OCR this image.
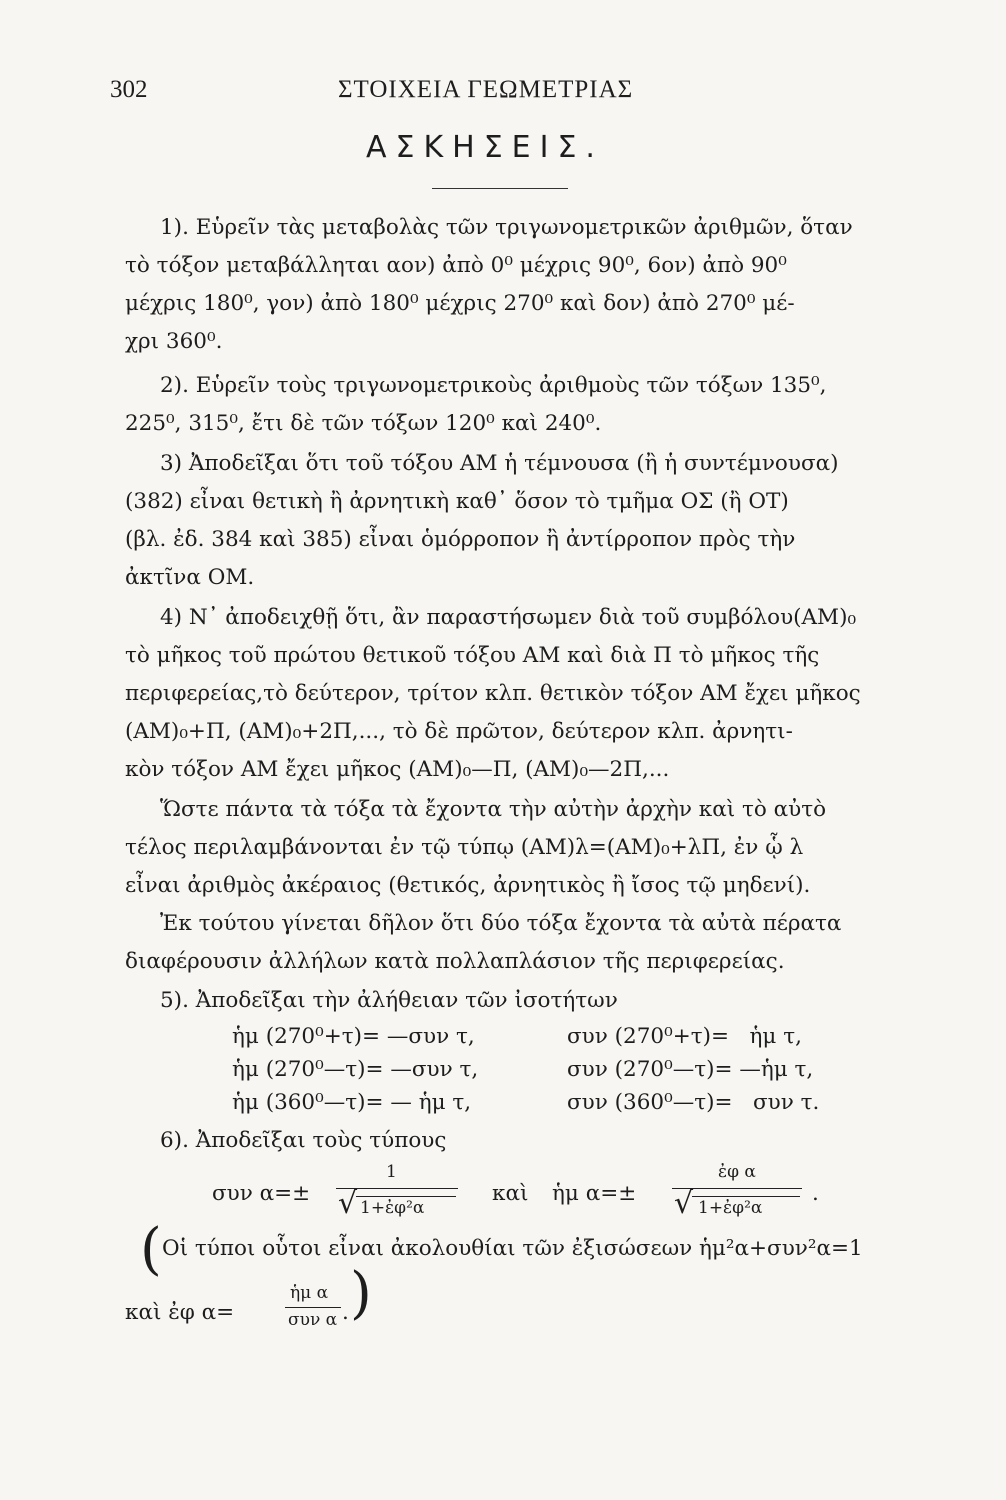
302	ΣΤΟΙΧΕΙΑ ΓΕΩΜΕΤΡΙΑΣ
ΑΣΚΗΣΕΙΣ.
1). Εὑρεῖν τὰς μεταβολὰς τῶν τριγωνομετρικῶν ἀριθμῶν, ὅταν
τὸ τόξον μεταβάλληται αον) ἀπὸ 0⁰ μέχρις 90⁰, 6ον) ἀπὸ 90⁰
μέχρις 180⁰, γον) ἀπὸ 180⁰ μέχρις 270⁰ καὶ δον) ἀπὸ 270⁰ μέ-
χρι 360⁰.
2). Εὑρεῖν τοὺς τριγωνομετρικοὺς ἀριθμοὺς τῶν τόξων 135⁰,
225⁰, 315⁰, ἔτι δὲ τῶν τόξων 120⁰ καὶ 240⁰.
3) Ἀποδεῖξαι ὅτι τοῦ τόξου ΑΜ ἡ τέμνουσα (ἢ ἡ συντέμνουσα)
(382) εἶναι θετικὴ ἢ ἀρνητικὴ καθ᾽ ὅσον τὸ τμῆμα ΟΣ (ἢ ΟΤ)
(βλ. ἐδ. 384 καὶ 385) εἶναι ὁμόρροπον ἢ ἀντίρροπον πρὸς τὴν
ἀκτῖνα ΟΜ.
4) Ν᾽ ἀποδειχθῇ ὅτι, ἂν παραστήσωμεν διὰ τοῦ συμβόλου(ΑΜ)₀
τὸ μῆκος τοῦ πρώτου θετικοῦ τόξου ΑΜ καὶ διὰ Π τὸ μῆκος τῆς
περιφερείας,τὸ δεύτερον, τρίτον κλπ. θετικὸν τόξον ΑΜ ἔχει μῆκος
(ΑΜ)₀+Π, (ΑΜ)₀+2Π,..., τὸ δὲ πρῶτον, δεύτερον κλπ. ἀρνητι-
κὸν τόξον ΑΜ ἔχει μῆκος (ΑΜ)₀—Π, (ΑΜ)₀—2Π,...
Ὥστε πάντα τὰ τόξα τὰ ἔχοντα τὴν αὐτὴν ἀρχὴν καὶ τὸ αὐτὸ
τέλος περιλαμβάνονται ἐν τῷ τύπῳ (ΑΜ)λ=(ΑΜ)₀+λΠ, ἐν ᾧ λ
εἶναι ἀριθμὸς ἀκέραιος (θετικός, ἀρνητικὸς ἢ ἴσος τῷ μηδενί).
Ἐκ τούτου γίνεται δῆλον ὅτι δύο τόξα ἔχοντα τὰ αὐτὰ πέρατα
διαφέρουσιν ἀλλήλων κατὰ πολλαπλάσιον τῆς περιφερείας.
5). Ἀποδεῖξαι τὴν ἀλήθειαν τῶν ἰσοτήτων
ἡμ (270⁰+τ)= —συν τ,
ἡμ (270⁰—τ)= —συν τ,
ἡμ (360⁰—τ)= — ἡμ τ,
συν (270⁰+τ)=   ἡμ τ,
συν (270⁰—τ)= —ἡμ τ,
συν (360⁰—τ)=   συν τ.
6). Ἀποδεῖξαι τοὺς τύπους
συν α=±
1
√ 1+ἐφ²α
καὶ ἡμ α=±
ἐφ α
√ 1+ἐφ²α
.
( Οἱ τύποι οὗτοι εἶναι ἀκολουθίαι τῶν ἐξισώσεων ἡμ²α+συν²α=1
καὶ ἐφ α=
ἡμ α
συν α . )
